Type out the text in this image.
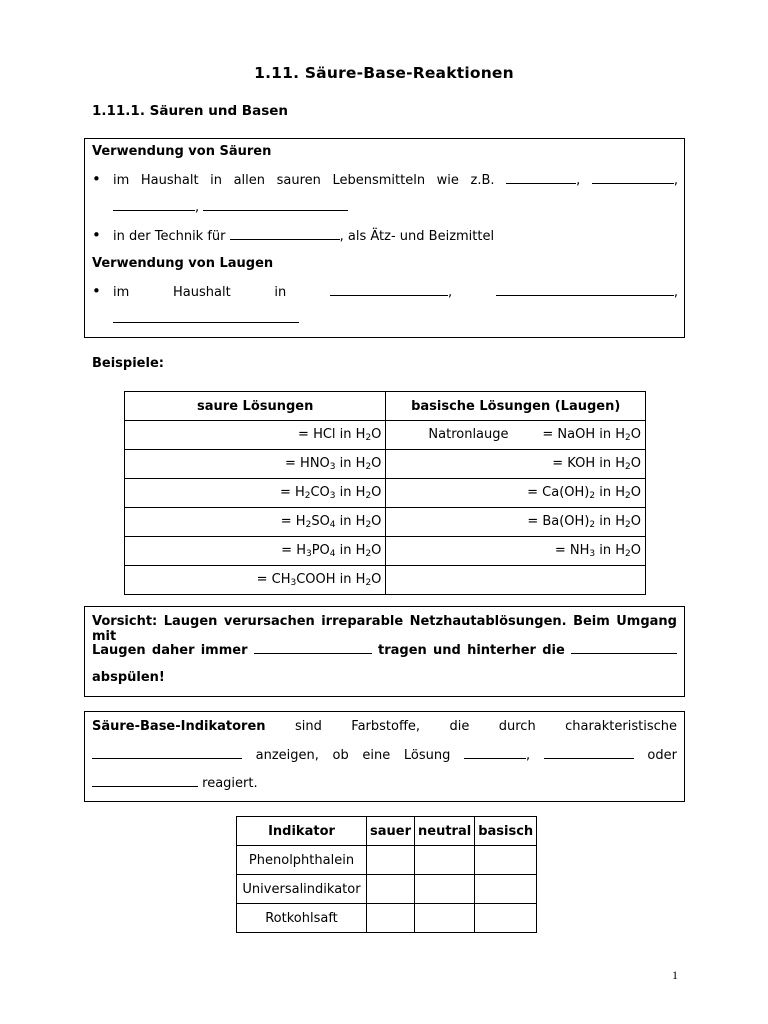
1.11. Säure-Base-Reaktionen
1.11.1. Säuren und Basen
Verwendung von Säuren
• im Haushalt in allen sauren Lebensmitteln wie z.B.	,	,
,
• in der Technik für	, als Ätz- und Beizmittel
Verwendung von Laugen
• im	Haushalt	in	,	,
Beispiele:
saure Lösungen	basische Lösungen (Laugen)
= HCl in $H_2O$	Natronlauge = NaOH in $H_2O$

= $HNO_3$ in $H_2O$	= KOH in $H_2O$
= $H_2CO_3$ in $H_2O$	= $Ca(OH)_2$ in $H_2O$
= $H_2SO_4$ in $H_2O$	= $Ba(OH)_2$ in $H_2O$
= $H_3PO_4$ in $H_2O$	= $NH_3$ in $H_2O$
= $CH_3COOH$ in $H_2O$	
Vorsicht: Laugen verursachen irreparable Netzhautablösungen. Beim Umgang mit
Laugen daher immer	tragen und hinterher die
abspülen!
Säure-Base-Indikatoren sind Farbstoffe, die durch charakteristische
anzeigen, ob eine Lösung	,	oder
reagiert.
Indikator	sauer	neutral	basisch
Phenolphthalein			
Universalindikator			
Rotkohlsaft			
1
